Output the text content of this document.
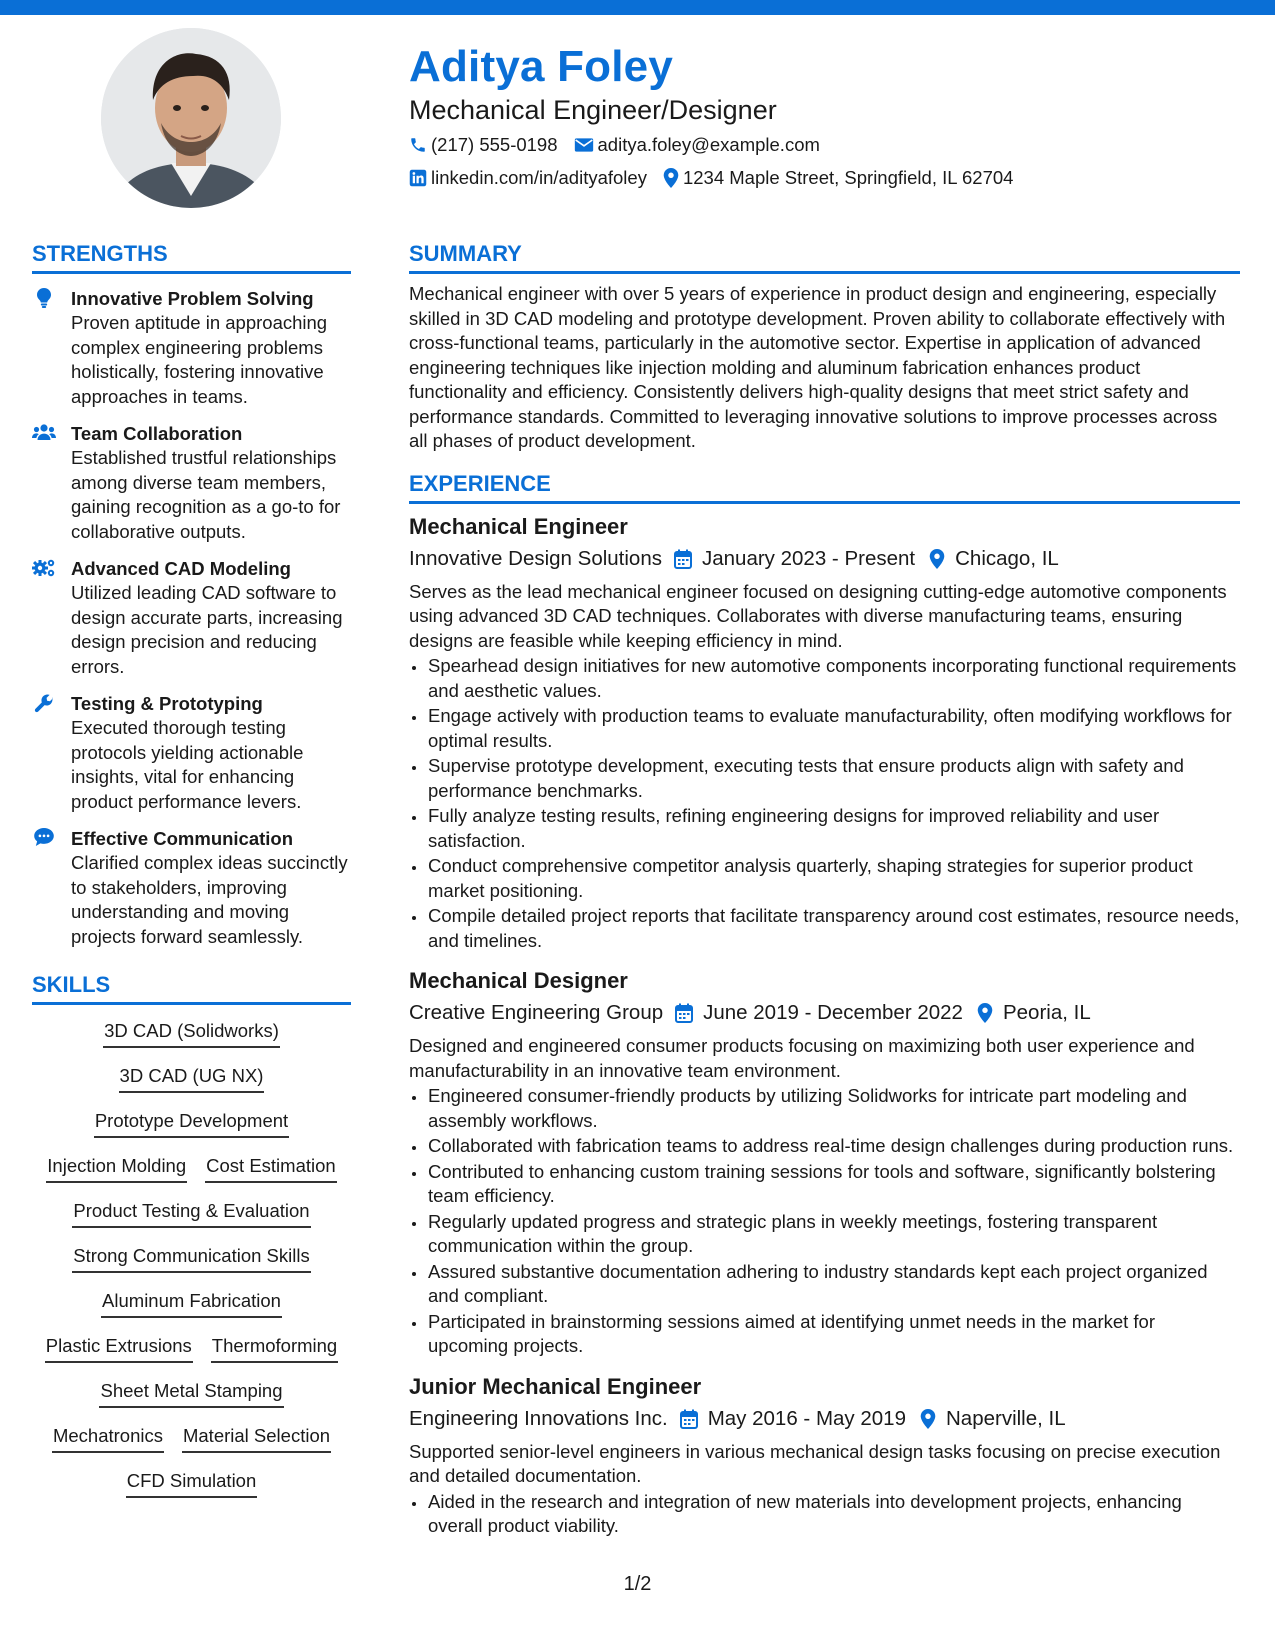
Aditya Foley
Mechanical Engineer/Designer
(217) 555-0198 aditya.foley@example.com
linkedin.com/in/adityafoley 1234 Maple Street, Springfield, IL 62704
STRENGTHS
Innovative Problem Solving
Proven aptitude in approaching complex engineering problems holistically, fostering innovative approaches in teams.
Team Collaboration
Established trustful relationships among diverse team members, gaining recognition as a go-to for collaborative outputs.
Advanced CAD Modeling
Utilized leading CAD software to design accurate parts, increasing design precision and reducing errors.
Testing & Prototyping
Executed thorough testing protocols yielding actionable insights, vital for enhancing product performance levers.
Effective Communication
Clarified complex ideas succinctly to stakeholders, improving understanding and moving projects forward seamlessly.
SKILLS
3D CAD (Solidworks)
3D CAD (UG NX)
Prototype Development
Injection Molding Cost Estimation
Product Testing & Evaluation
Strong Communication Skills
Aluminum Fabrication
Plastic Extrusions Thermoforming
Sheet Metal Stamping
Mechatronics Material Selection
CFD Simulation
SUMMARY
Mechanical engineer with over 5 years of experience in product design and engineering, especially skilled in 3D CAD modeling and prototype development. Proven ability to collaborate effectively with cross-functional teams, particularly in the automotive sector. Expertise in application of advanced engineering techniques like injection molding and aluminum fabrication enhances product functionality and efficiency. Consistently delivers high-quality designs that meet strict safety and performance standards. Committed to leveraging innovative solutions to improve processes across all phases of product development.
EXPERIENCE
Mechanical Engineer
Innovative Design Solutions January 2023 - Present Chicago, IL
Serves as the lead mechanical engineer focused on designing cutting-edge automotive components using advanced 3D CAD techniques. Collaborates with diverse manufacturing teams, ensuring designs are feasible while keeping efficiency in mind.
• Spearhead design initiatives for new automotive components incorporating functional requirements and aesthetic values.
• Engage actively with production teams to evaluate manufacturability, often modifying workflows for optimal results.
• Supervise prototype development, executing tests that ensure products align with safety and performance benchmarks.
• Fully analyze testing results, refining engineering designs for improved reliability and user satisfaction.
• Conduct comprehensive competitor analysis quarterly, shaping strategies for superior product market positioning.
• Compile detailed project reports that facilitate transparency around cost estimates, resource needs, and timelines.
Mechanical Designer
Creative Engineering Group June 2019 - December 2022 Peoria, IL
Designed and engineered consumer products focusing on maximizing both user experience and manufacturability in an innovative team environment.
• Engineered consumer-friendly products by utilizing Solidworks for intricate part modeling and assembly workflows.
• Collaborated with fabrication teams to address real-time design challenges during production runs.
• Contributed to enhancing custom training sessions for tools and software, significantly bolstering team efficiency.
• Regularly updated progress and strategic plans in weekly meetings, fostering transparent communication within the group.
• Assured substantive documentation adhering to industry standards kept each project organized and compliant.
• Participated in brainstorming sessions aimed at identifying unmet needs in the market for upcoming projects.
Junior Mechanical Engineer
Engineering Innovations Inc. May 2016 - May 2019 Naperville, IL
Supported senior-level engineers in various mechanical design tasks focusing on precise execution and detailed documentation.
• Aided in the research and integration of new materials into development projects, enhancing overall product viability.
1/2
